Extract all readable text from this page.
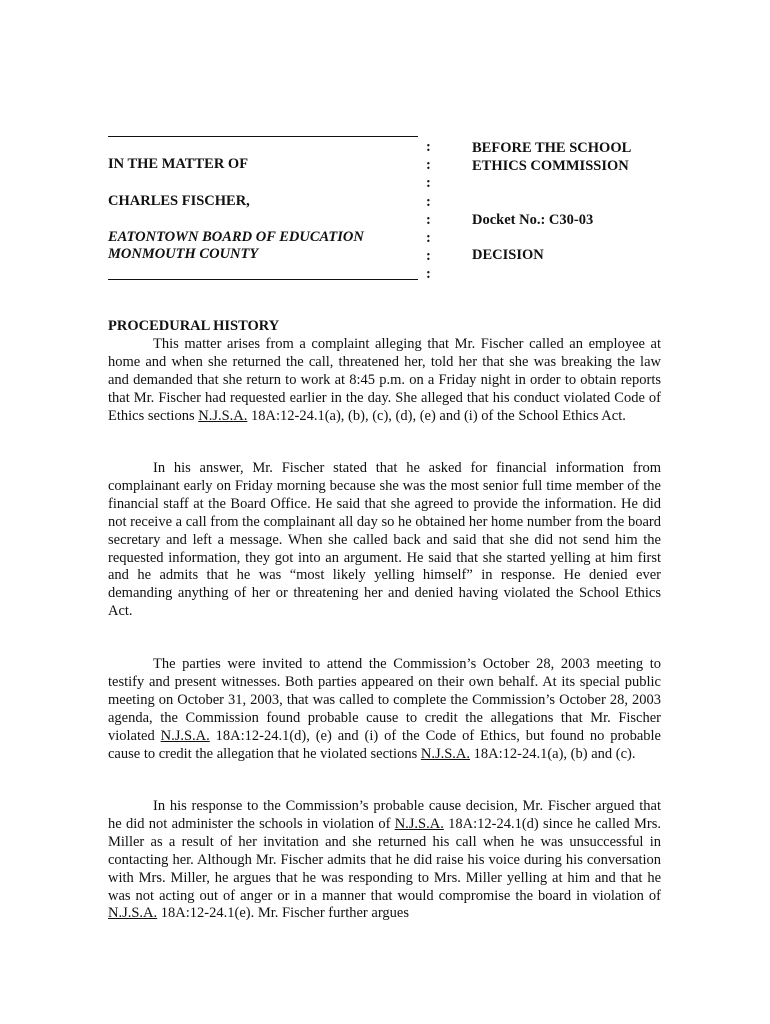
IN THE MATTER OF
CHARLES FISCHER,
EATONTOWN BOARD OF EDUCATION
MONMOUTH COUNTY
:
:
:
:
:
:
:
:
BEFORE THE SCHOOL
ETHICS COMMISSION
Docket No.: C30-03
DECISION
PROCEDURAL HISTORY

This matter arises from a complaint alleging that Mr. Fischer called an employee at home and when she returned the call, threatened her, told her that she was breaking the law and demanded that she return to work at 8:45 p.m. on a Friday night in order to obtain reports that Mr. Fischer had requested earlier in the day. She alleged that his conduct violated Code of Ethics sections N.J.S.A. 18A:12-24.1(a), (b), (c), (d), (e) and (i) of the School Ethics Act.

In his answer, Mr. Fischer stated that he asked for financial information from complainant early on Friday morning because she was the most senior full time member of the financial staff at the Board Office. He said that she agreed to provide the information. He did not receive a call from the complainant all day so he obtained her home number from the board secretary and left a message. When she called back and said that she did not send him the requested information, they got into an argument. He said that she started yelling at him first and he admits that he was “most likely yelling himself” in response. He denied ever demanding anything of her or threatening her and denied having violated the School Ethics Act.

The parties were invited to attend the Commission’s October 28, 2003 meeting to testify and present witnesses. Both parties appeared on their own behalf. At its special public meeting on October 31, 2003, that was called to complete the Commission’s October 28, 2003 agenda, the Commission found probable cause to credit the allegations that Mr. Fischer violated N.J.S.A. 18A:12-24.1(d), (e) and (i) of the Code of Ethics, but found no probable cause to credit the allegation that he violated sections N.J.S.A. 18A:12-24.1(a), (b) and (c).

In his response to the Commission’s probable cause decision, Mr. Fischer argued that he did not administer the schools in violation of N.J.S.A. 18A:12-24.1(d) since he called Mrs. Miller as a result of her invitation and she returned his call when he was unsuccessful in contacting her. Although Mr. Fischer admits that he did raise his voice during his conversation with Mrs. Miller, he argues that he was responding to Mrs. Miller yelling at him and that he was not acting out of anger or in a manner that would compromise the board in violation of N.J.S.A. 18A:12-24.1(e). Mr. Fischer further argues
